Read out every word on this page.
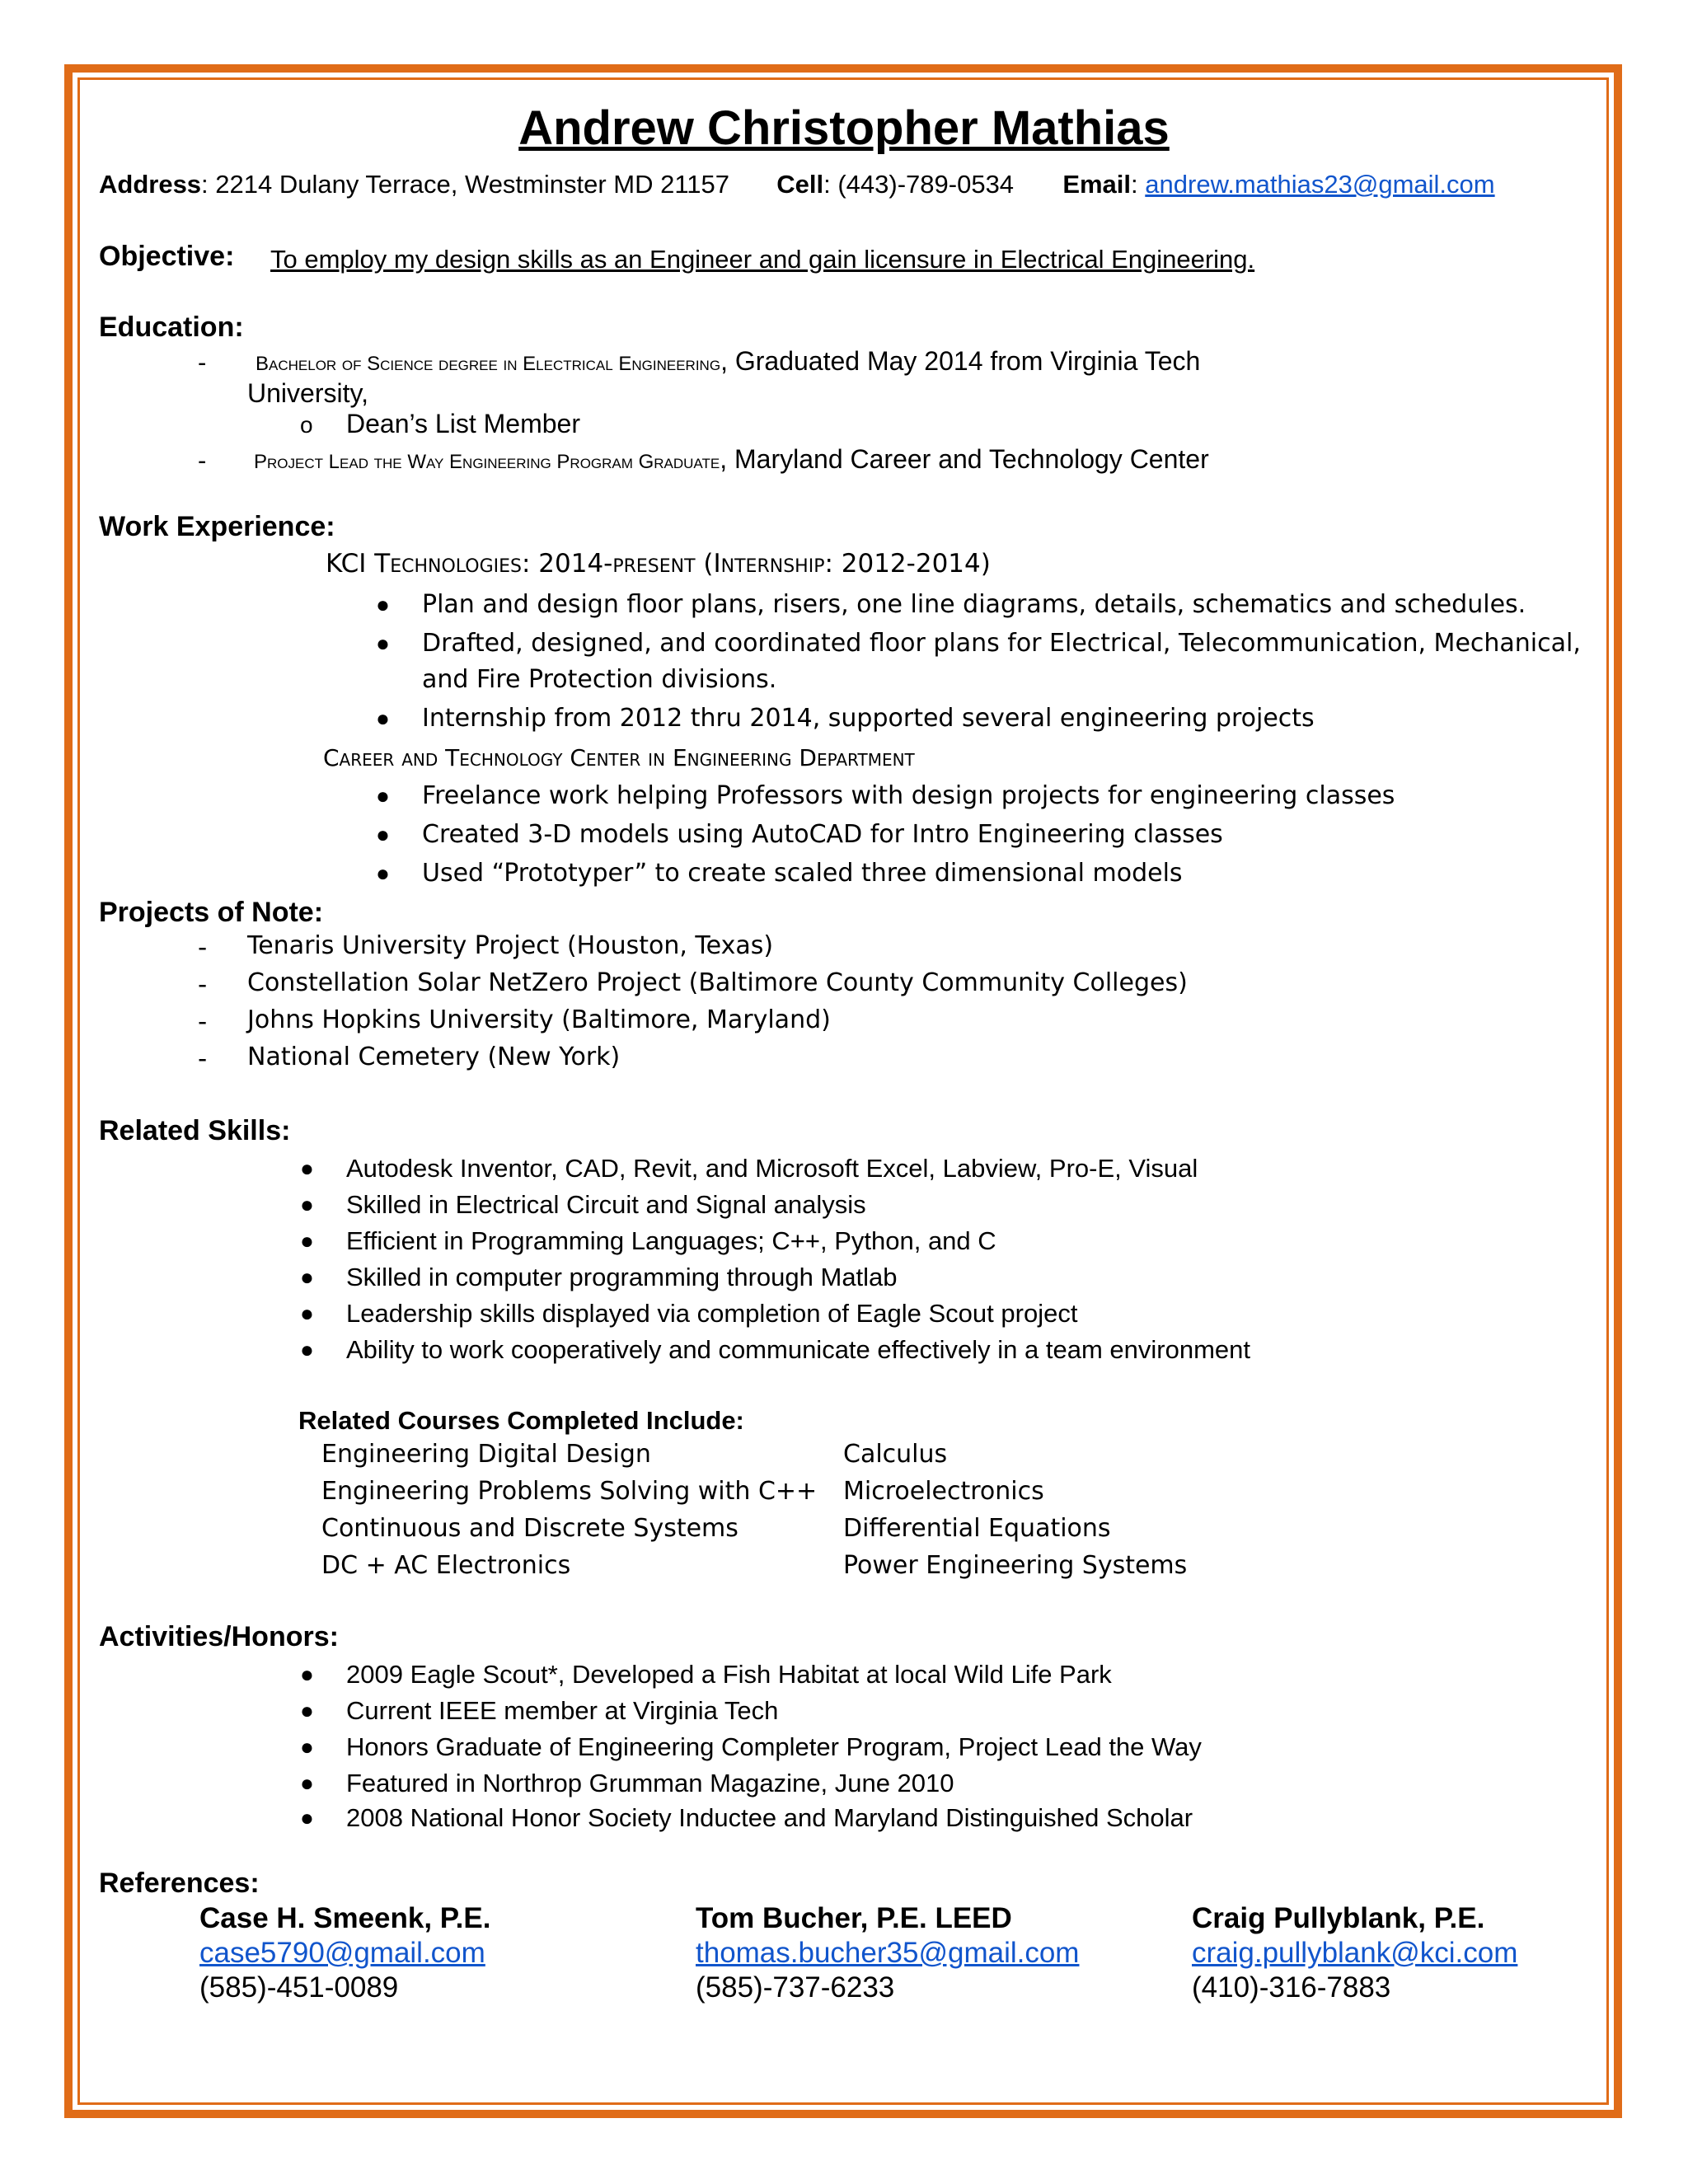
Andrew Christopher Mathias
Address: 2214 Dulany Terrace, Westminster MD 21157 Cell: (443)-789-0534 Email: andrew.mathias23@gmail.com
Objective: To employ my design skills as an Engineer and gain licensure in Electrical Engineering.
Education:
- Bachelor of Science degree in Electrical Engineering, Graduated May 2014 from Virginia Tech
University,
o Dean’s List Member
- Project Lead the Way Engineering Program Graduate, Maryland Career and Technology Center
Work Experience:
KCI Technologies: 2014-present (Internship: 2012-2014)
● Plan and design floor plans, risers, one line diagrams, details, schematics and schedules.
● Drafted, designed, and coordinated floor plans for Electrical, Telecommunication, Mechanical,
and Fire Protection divisions.
● Internship from 2012 thru 2014, supported several engineering projects
Career and Technology Center in Engineering Department
● Freelance work helping Professors with design projects for engineering classes
● Created 3-D models using AutoCAD for Intro Engineering classes
● Used “Prototyper” to create scaled three dimensional models
Projects of Note:
- Tenaris University Project (Houston, Texas)
- Constellation Solar NetZero Project (Baltimore County Community Colleges)
- Johns Hopkins University (Baltimore, Maryland)
- National Cemetery (New York)
Related Skills:
● Autodesk Inventor, CAD, Revit, and Microsoft Excel, Labview, Pro-E, Visual
● Skilled in Electrical Circuit and Signal analysis
● Efficient in Programming Languages; C++, Python, and C
● Skilled in computer programming through Matlab
● Leadership skills displayed via completion of Eagle Scout project
● Ability to work cooperatively and communicate effectively in a team environment
Related Courses Completed Include:
Engineering Digital Design
Engineering Problems Solving with C++
Continuous and Discrete Systems
DC + AC Electronics
Calculus
Microelectronics
Differential Equations
Power Engineering Systems
Activities/Honors:
● 2009 Eagle Scout*, Developed a Fish Habitat at local Wild Life Park
● Current IEEE member at Virginia Tech
● Honors Graduate of Engineering Completer Program, Project Lead the Way
● Featured in Northrop Grumman Magazine, June 2010
● 2008 National Honor Society Inductee and Maryland Distinguished Scholar
References:
Case H. Smeenk, P.E.
case5790@gmail.com
(585)-451-0089
Tom Bucher, P.E. LEED
thomas.bucher35@gmail.com
(585)-737-6233
Craig Pullyblank, P.E.
craig.pullyblank@kci.com
(410)-316-7883
